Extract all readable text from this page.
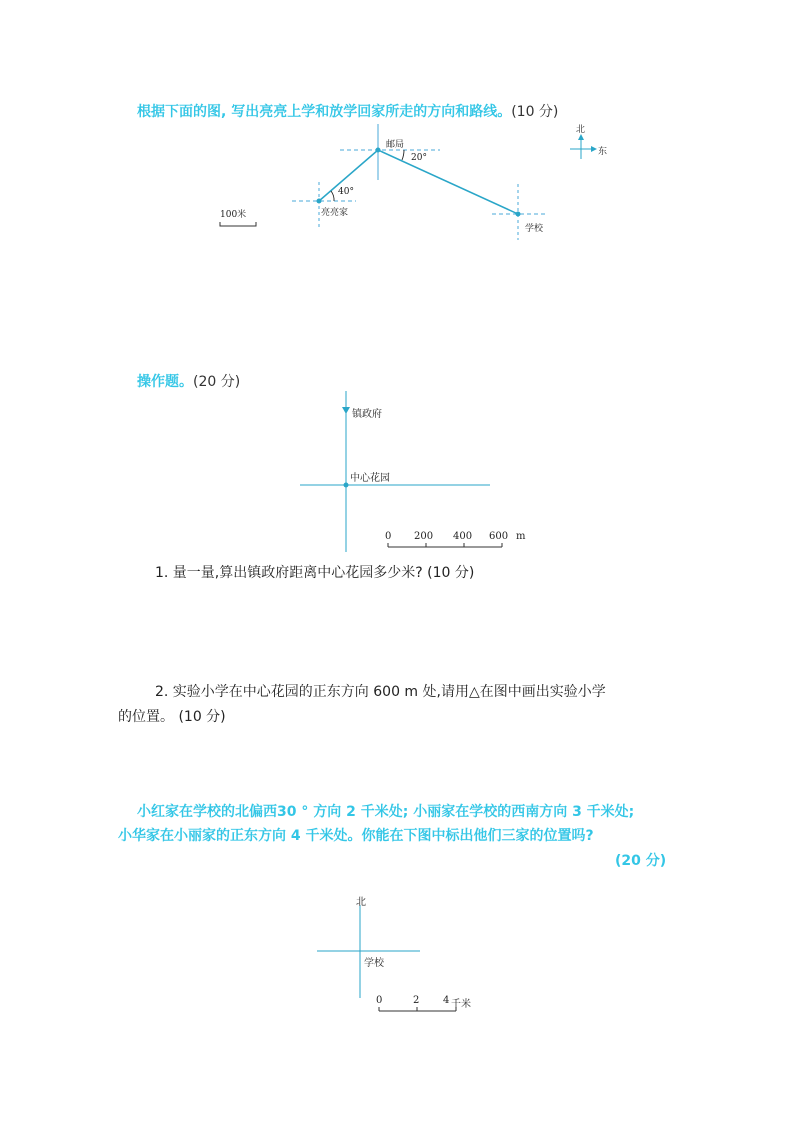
根据下面的图, 写出亮亮上学和放学回家所走的方向和路线。(10 分)
邮局
20°
40°
亮亮家
学校
100米
北
东
操作题。(20 分)
镇政府
中心花园
0 200 400 600 m
1. 量一量,算出镇政府距离中心花园多少米? (10 分)
2. 实验小学在中心花园的正东方向 600 m 处,请用△在图中画出实验小学
的位置。 (10 分)
小红家在学校的北偏西30 ° 方向 2 千米处; 小丽家在学校的西南方向 3 千米处;
小华家在小丽家的正东方向 4 千米处。你能在下图中标出他们三家的位置吗?
(20 分)
北
学校
0	2 4 千米
